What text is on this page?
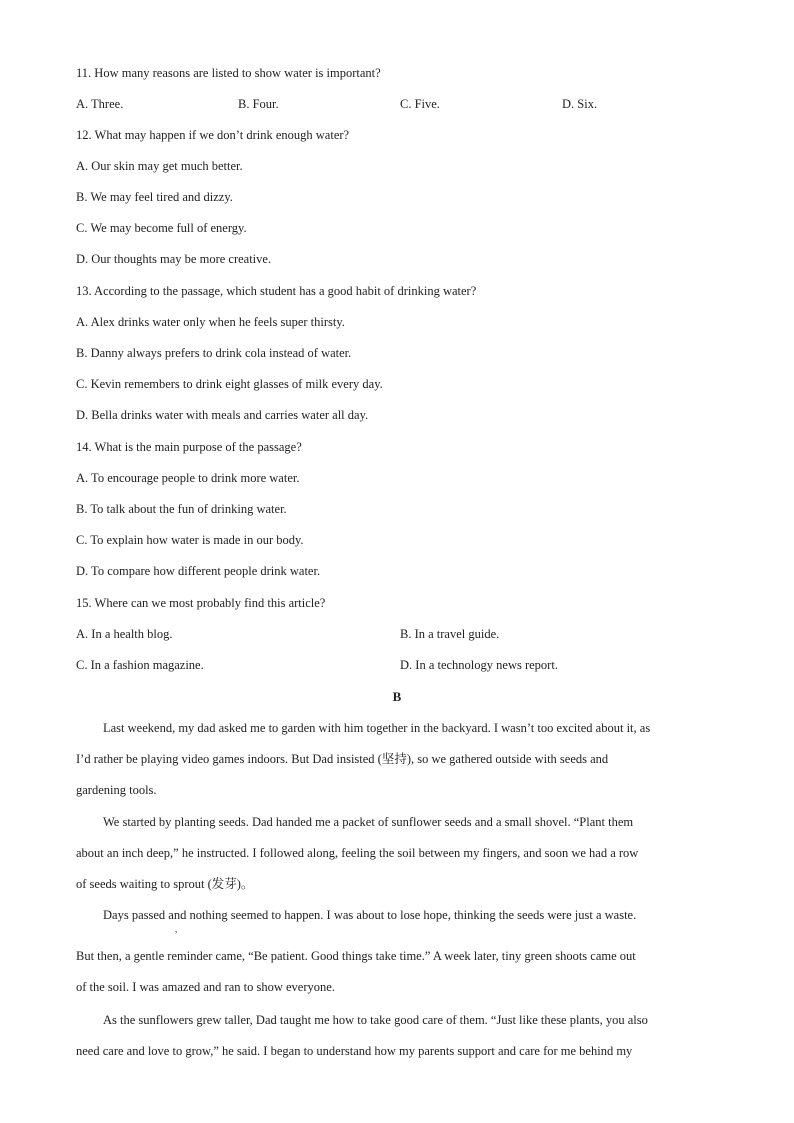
11. How many reasons are listed to show water is important?
A. Three.	B. Four.	C. Five.	D. Six.
12. What may happen if we don’t drink enough water?
A. Our skin may get much better.
B. We may feel tired and dizzy.
C. We may become full of energy.
D. Our thoughts may be more creative.
13. According to the passage, which student has a good habit of drinking water?
A. Alex drinks water only when he feels super thirsty.
B. Danny always prefers to drink cola instead of water.
C. Kevin remembers to drink eight glasses of milk every day.
D. Bella drinks water with meals and carries water all day.
14. What is the main purpose of the passage?
A. To encourage people to drink more water.
B. To talk about the fun of drinking water.
C. To explain how water is made in our body.
D. To compare how different people drink water.
15. Where can we most probably find this article?
A. In a health blog.	B. In a travel guide.
C. In a fashion magazine.	D. In a technology news report.
B
Last weekend, my dad asked me to garden with him together in the backyard. I wasn’t too excited about it, as
I’d rather be playing video games indoors. But Dad insisted (坚持), so we gathered outside with seeds and
gardening tools.
We started by planting seeds. Dad handed me a packet of sunflower seeds and a small shovel. “Plant them
about an inch deep,” he instructed. I followed along, feeling the soil between my fingers, and soon we had a row
of seeds waiting to sprout (发芽)。
Days passed and nothing seemed to happen. I was about to lose hope, thinking the seeds were just a waste.
,
But then, a gentle reminder came, “Be patient. Good things take time.” A week later, tiny green shoots came out
of the soil. I was amazed and ran to show everyone.
As the sunflowers grew taller, Dad taught me how to take good care of them. “Just like these plants, you also
need care and love to grow,” he said. I began to understand how my parents support and care for me behind my
